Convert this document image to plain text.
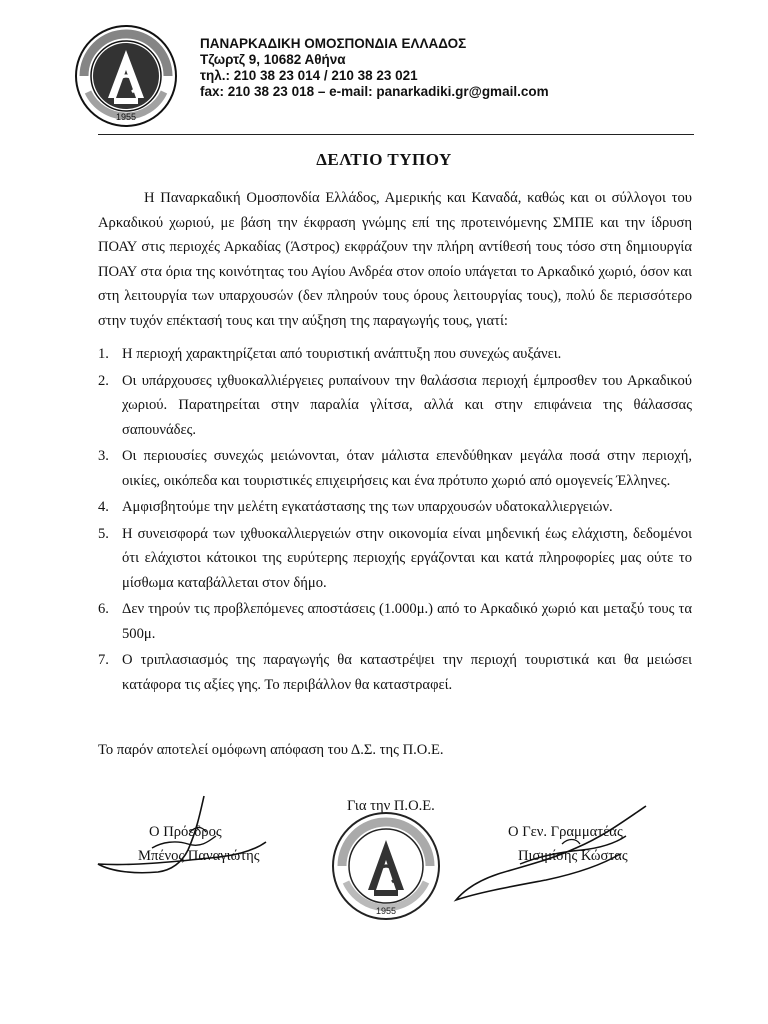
1955
ΠΑΝΑΡΚΑΔΙΚΗ ΟΜΟΣΠΟΝΔΙΑ ΕΛΛΑΔΟΣ
Τζωρτζ 9, 10682 Αθήνα
τηλ.: 210 38 23 014 / 210 38 23 021
fax: 210 38 23 018 – e-mail: panarkadiki.gr@gmail.com
ΔΕΛΤΙΟ ΤΥΠΟΥ

Η Παναρκαδική Ομοσπονδία Ελλάδος, Αμερικής και Καναδά, καθώς και οι σύλλογοι του Αρκαδικού χωριού, με βάση την έκφραση γνώμης επί της προτεινόμενης ΣΜΠΕ και την ίδρυση ΠΟΑΥ στις περιοχές Αρκαδίας (Άστρος) εκφράζουν την πλήρη αντίθεσή τους τόσο στη δημιουργία ΠΟΑΥ στα όρια της κοινότητας του Αγίου Ανδρέα στον οποίο υπάγεται το Αρκαδικό χωριό, όσον και στη λειτουργία των υπαρχουσών (δεν πληρούν τους όρους λειτουργίας τους), πολύ δε περισσότερο στην τυχόν επέκτασή τους και την αύξηση της παραγωγής τους, γιατί:

1. Η περιοχή χαρακτηρίζεται από τουριστική ανάπτυξη που συνεχώς αυξάνει.
2. Οι υπάρχουσες ιχθυοκαλλιέργειες ρυπαίνουν την θαλάσσια περιοχή έμπροσθεν του Αρκαδικού χωριού. Παρατηρείται στην παραλία γλίτσα, αλλά και στην επιφάνεια της θάλασσας σαπουνάδες.
3. Οι περιουσίες συνεχώς μειώνονται, όταν μάλιστα επενδύθηκαν μεγάλα ποσά στην περιοχή, οικίες, οικόπεδα και τουριστικές επιχειρήσεις και ένα πρότυπο χωριό από ομογενείς Έλληνες.
4. Αμφισβητούμε την μελέτη εγκατάστασης της των υπαρχουσών υδατοκαλλιεργειών.
5. Η συνεισφορά των ιχθυοκαλλιεργειών στην οικονομία είναι μηδενική έως ελάχιστη, δεδομένοι ότι ελάχιστοι κάτοικοι της ευρύτερης περιοχής εργάζονται και κατά πληροφορίες μας ούτε το μίσθωμα καταβάλλεται στον δήμο.
6. Δεν τηρούν τις προβλεπόμενες αποστάσεις (1.000μ.) από το Αρκαδικό χωριό και μεταξύ τους τα 500μ.
7. Ο τριπλασιασμός της παραγωγής θα καταστρέψει την περιοχή τουριστικά και θα μειώσει κατάφορα τις αξίες γης. Το περιβάλλον θα καταστραφεί.
Το παρόν αποτελεί ομόφωνη απόφαση του Δ.Σ. της Π.Ο.Ε.
Για την Π.Ο.Ε.
1955
Ο Πρόεδρος
Μπένος Παναγιώτης
Ο Γεν. Γραμματέας
Πισιμίσης Κώστας
